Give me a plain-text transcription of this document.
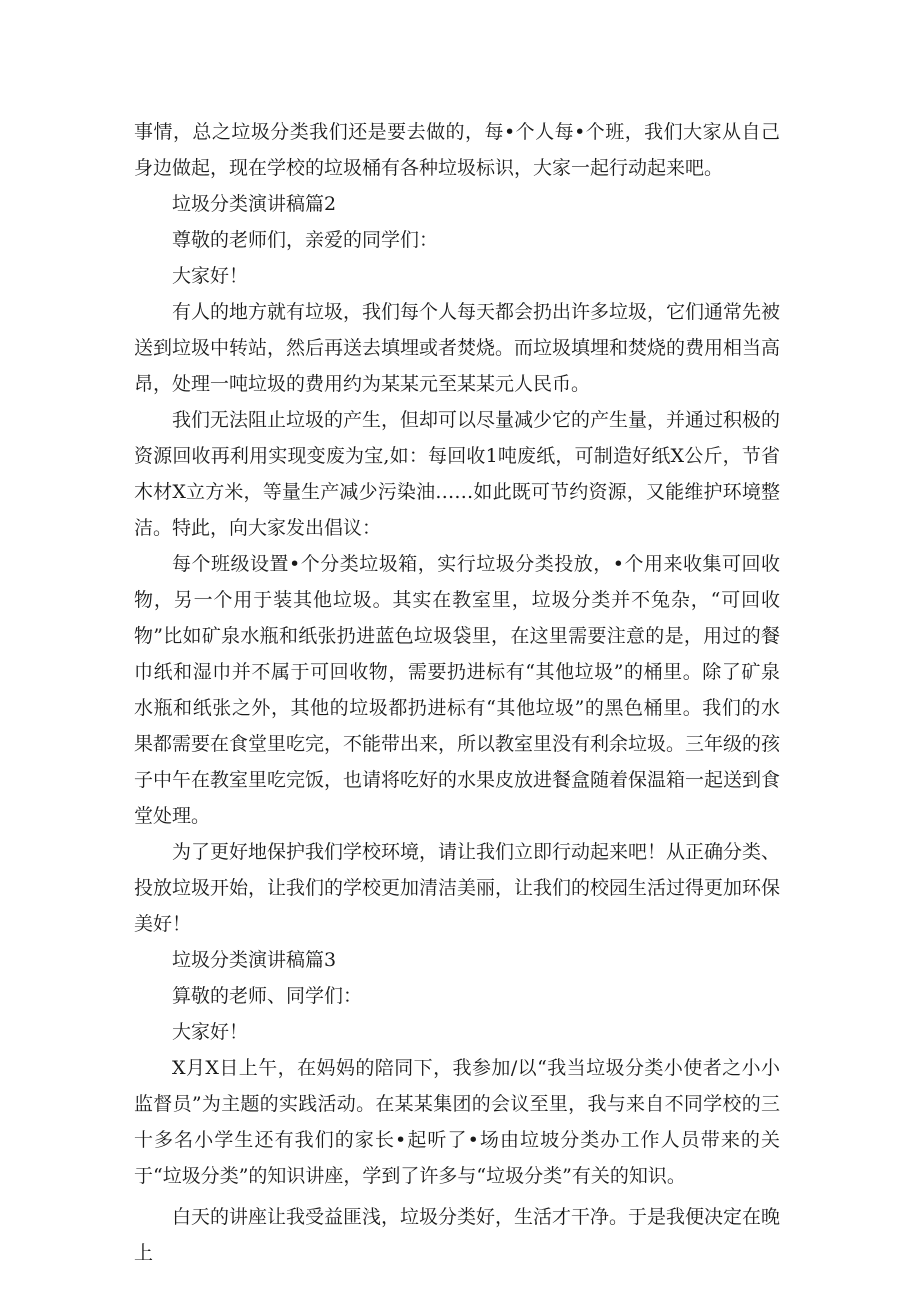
事情，总之垃圾分类我们还是要去做的，每•个人每•个班，我们大家从自己身边做起，现在学校的垃圾桶有各种垃圾标识，大家一起行动起来吧。

垃圾分类演讲稿篇2

尊敬的老师们，亲爱的同学们：

大家好！

有人的地方就有垃圾，我们每个人每天都会扔出许多垃圾，它们通常先被送到垃圾中转站，然后再送去填埋或者焚烧。而垃圾填埋和焚烧的费用相当高昂，处理一吨垃圾的费用约为某某元至某某元人民币。

我们无法阻止垃圾的产生，但却可以尽量减少它的产生量，并通过积极的资源回收再利用实现变废为宝,如：每回收1吨废纸，可制造好纸X公斤，节省木材X立方米，等量生产减少污染油……如此既可节约资源，又能维护环境整洁。特此，向大家发出倡议：

每个班级设置•个分类垃圾箱，实行垃圾分类投放，•个用来收集可回收物，另一个用于装其他垃圾。其实在教室里，垃圾分类并不兔杂，“可回收物”比如矿泉水瓶和纸张扔进蓝色垃圾袋里，在这里需要注意的是，用过的餐巾纸和湿巾并不属于可回收物，需要扔进标有“其他垃圾”的桶里。除了矿泉水瓶和纸张之外，其他的垃圾都扔进标有“其他垃圾”的黑色桶里。我们的水果都需要在食堂里吃完，不能带出来，所以教室里没有利余垃圾。三年级的孩子中午在教室里吃完饭，也请将吃好的水果皮放进餐盒随着保温箱一起送到食堂处理。

为了更好地保护我们学校环境，请让我们立即行动起来吧！从正确分类、投放垃圾开始，让我们的学校更加清洁美丽，让我们的校园生活过得更加环保美好！

垃圾分类演讲稿篇3

算敬的老师、同学们：

大家好！

X月X日上午，在妈妈的陪同下，我参加/以“我当垃圾分类小使者之小小监督员”为主题的实践活动。在某某集团的会议至里，我与来自不同学校的三十多名小学生还有我们的家长•起听了•场由垃坡分类办工作人员带来的关于“垃圾分类”的知识讲座，学到了许多与“垃圾分类”有关的知识。

白天的讲座让我受益匪浅，垃圾分类好，生活才干净。于是我便决定在晚上
